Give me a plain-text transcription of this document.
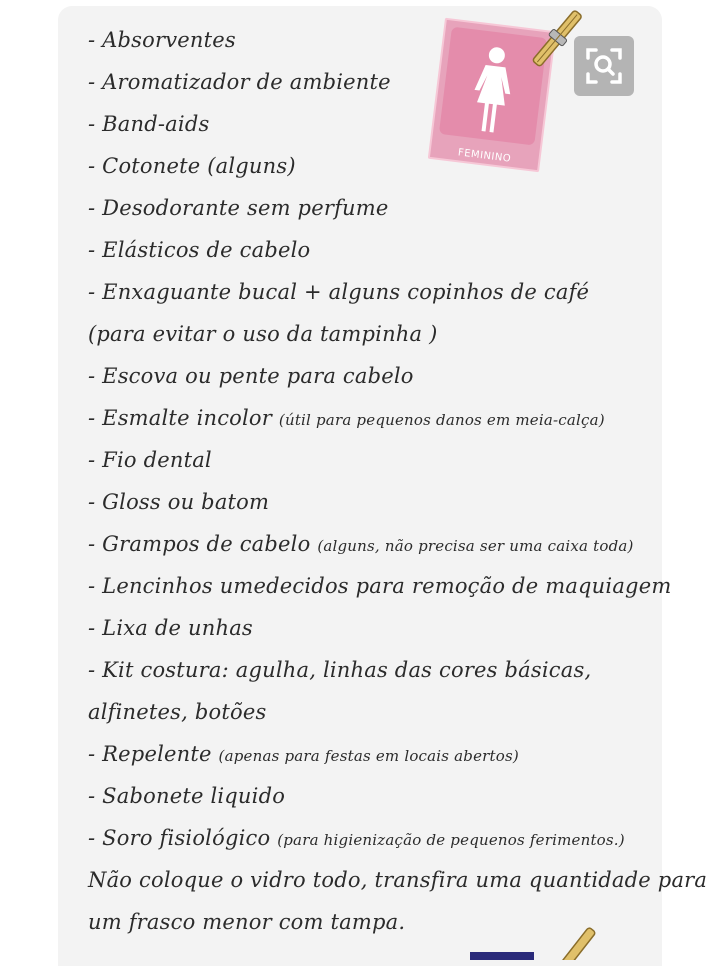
- Absorventes
- Aromatizador de ambiente
- Band-aids
- Cotonete (alguns)
- Desodorante sem perfume
- Elásticos de cabelo
- Enxaguante bucal + alguns copinhos de café
(para evitar o uso da tampinha )
- Escova ou pente para cabelo
- Esmalte incolor (útil para pequenos danos em meia-calça)
- Fio dental
- Gloss ou batom
- Grampos de cabelo (alguns, não precisa ser uma caixa toda)
- Lencinhos umedecidos para remoção de maquiagem
- Lixa de unhas
- Kit costura: agulha, linhas das cores básicas,
alfinetes, botões
- Repelente (apenas para festas em locais abertos)
- Sabonete liquido
- Soro fisiológico (para higienização de pequenos ferimentos.)
Não coloque o vidro todo, transfira uma quantidade para
um frasco menor com tampa.
FEMININO
